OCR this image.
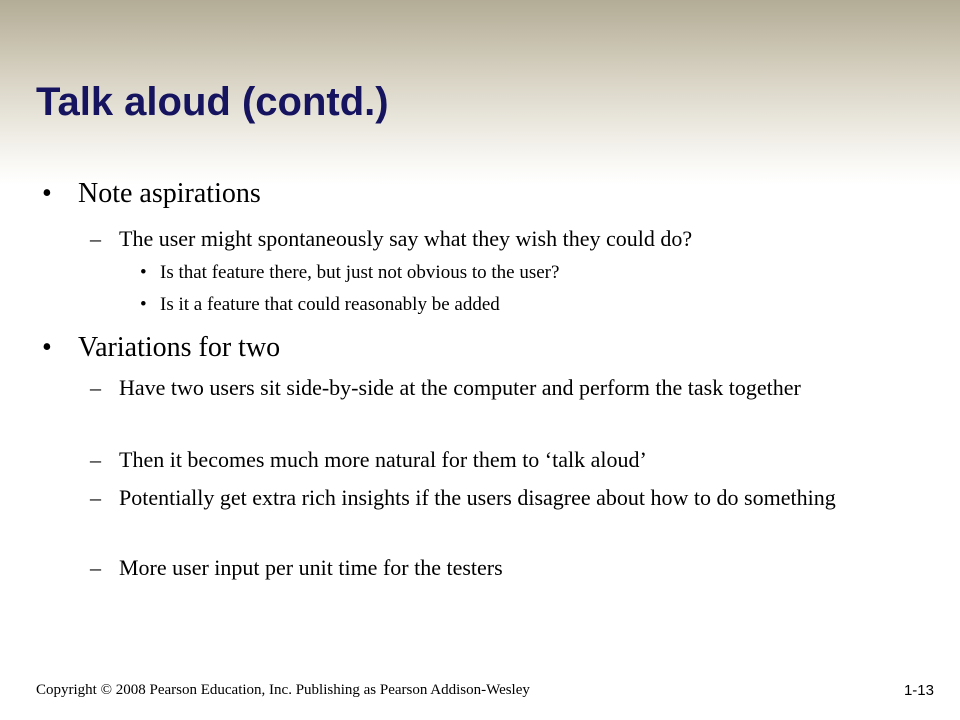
Talk aloud (contd.)
• Note aspirations
– The user might spontaneously say what they wish they could do?
• Is that feature there, but just not obvious to the user?
• Is it a feature that could reasonably be added
• Variations for two
– Have two users sit side-by-side at the computer and perform the task together
– Then it becomes much more natural for them to ‘talk aloud’
– Potentially get extra rich insights if the users disagree about how to do something
– More user input per unit time for the testers
Copyright © 2008 Pearson Education, Inc. Publishing as Pearson Addison-Wesley	1-13
